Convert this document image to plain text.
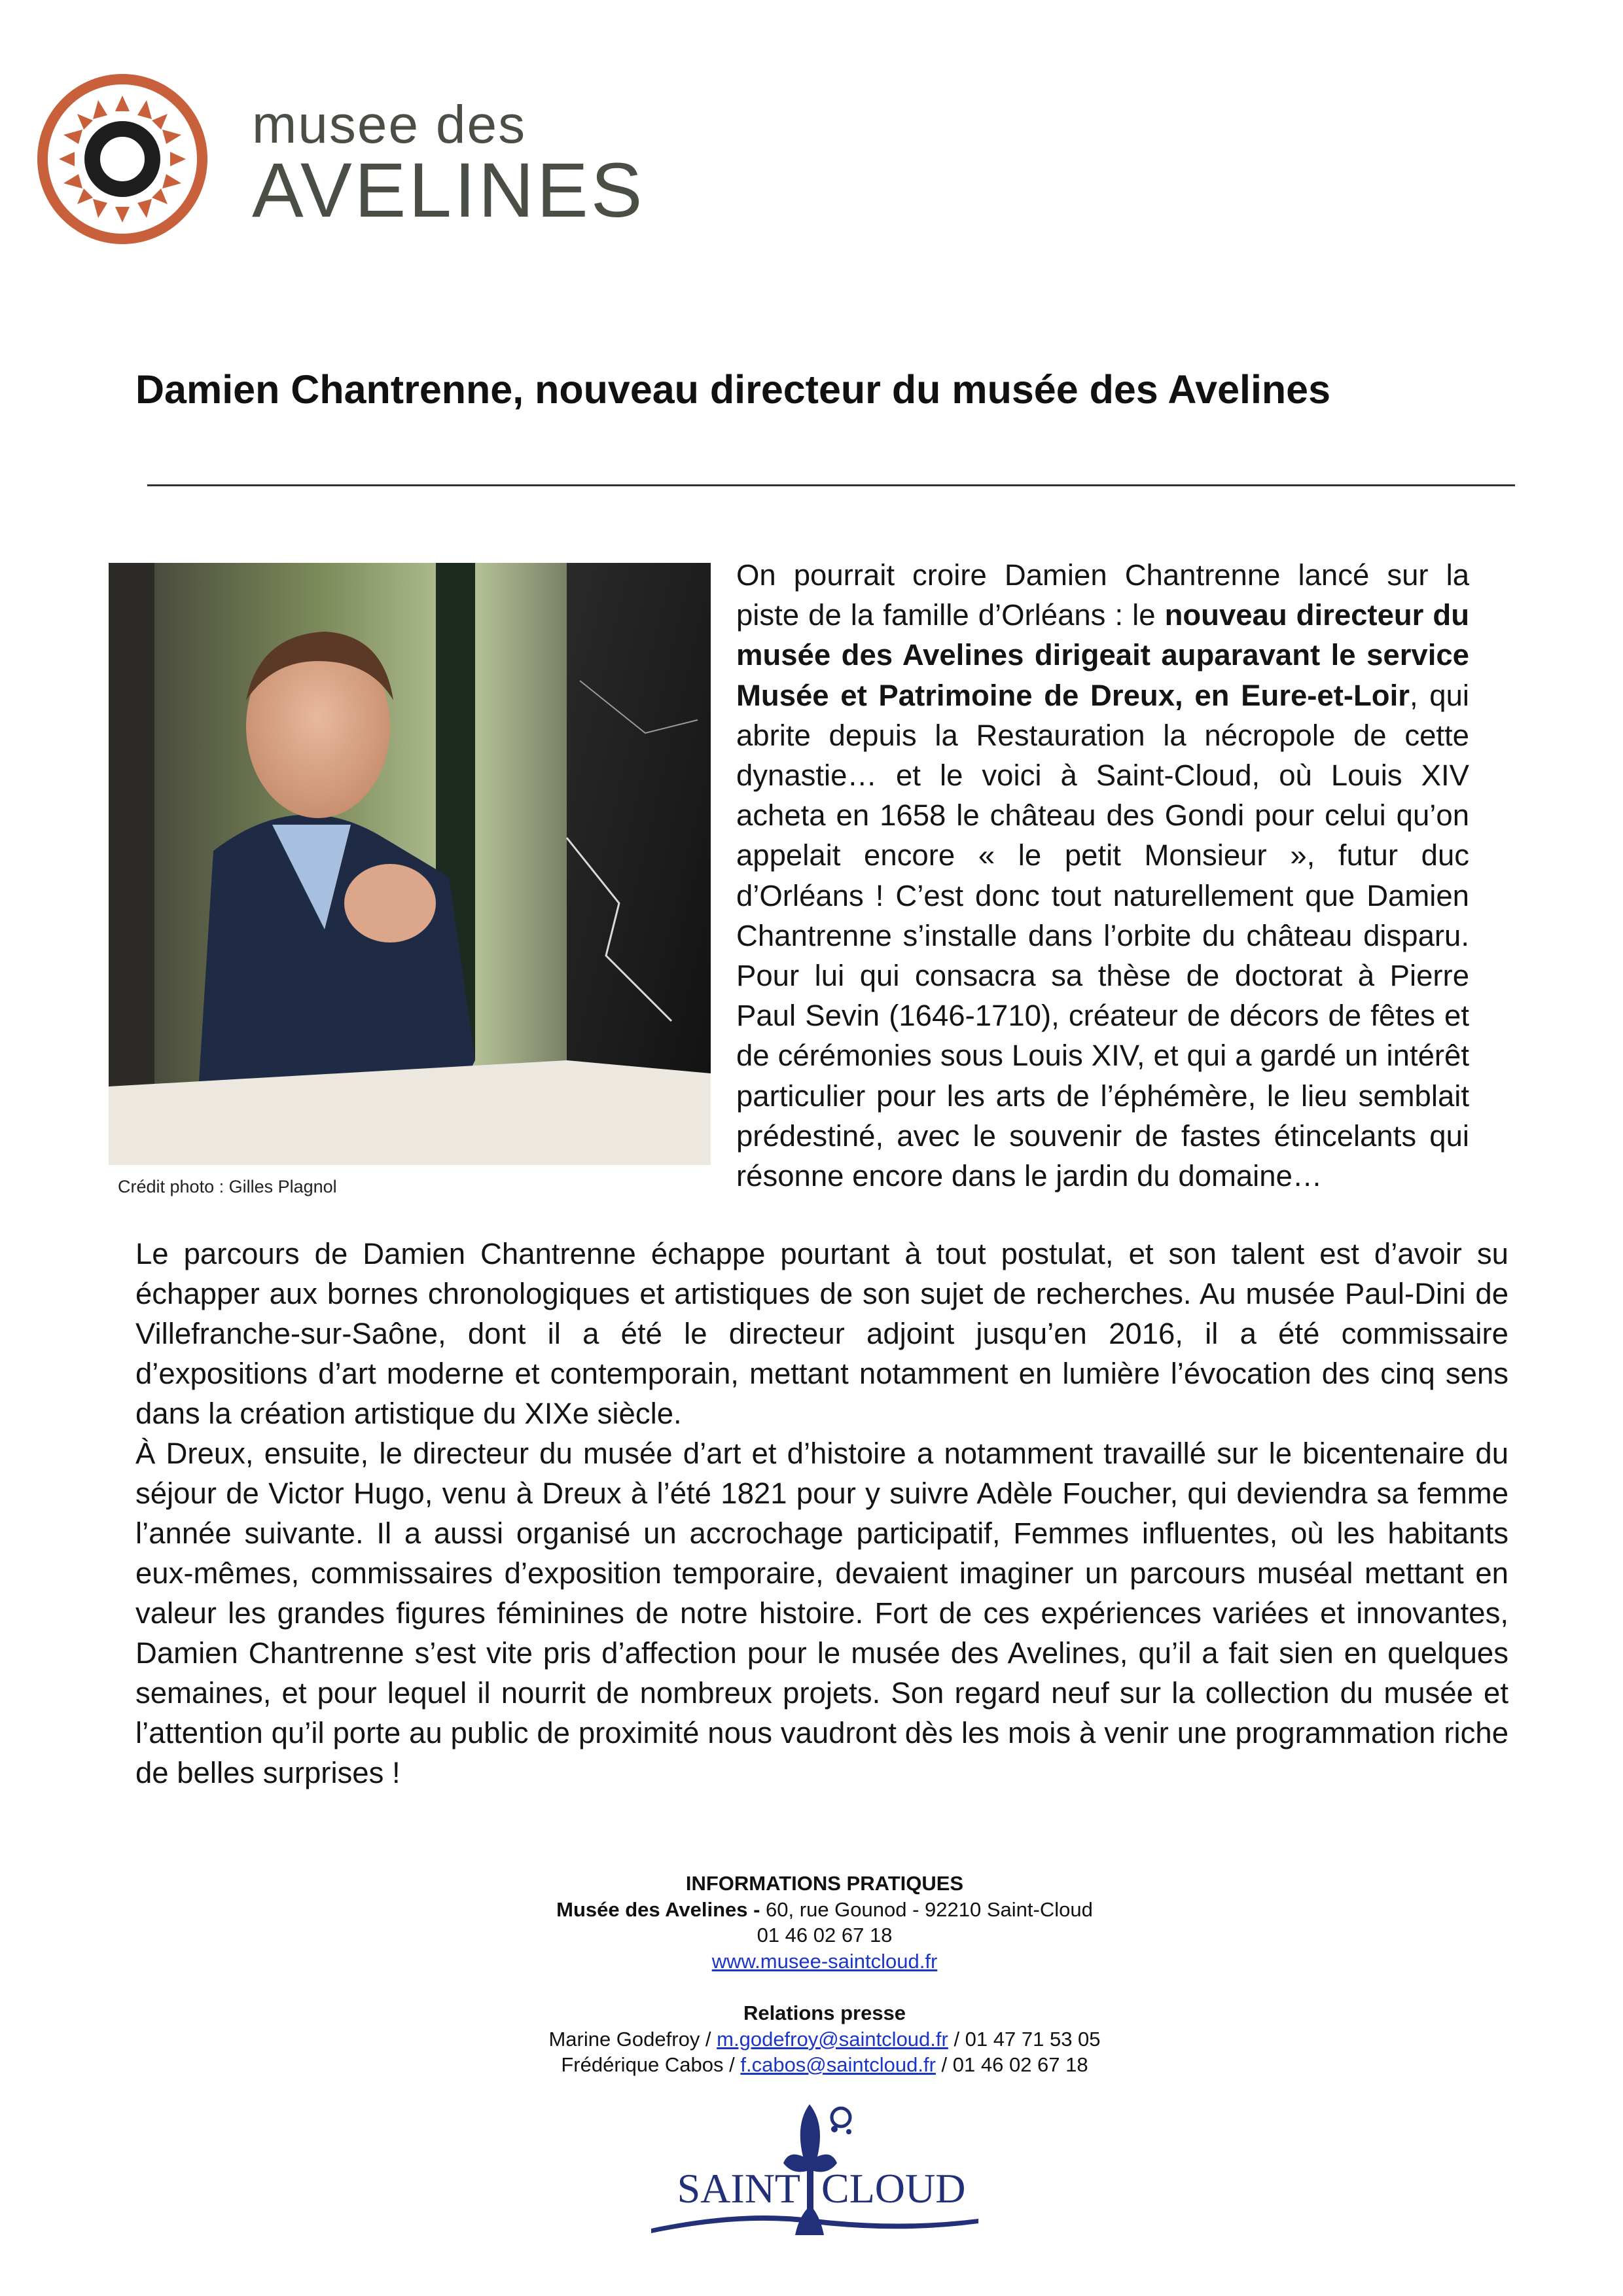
musee des
AVELINES
Damien Chantrenne, nouveau directeur du musée des Avelines
Crédit photo : Gilles Plagnol
On pourrait croire Damien Chantrenne lancé sur la piste de la famille d’Orléans : le nouveau directeur du musée des Avelines dirigeait auparavant le service Musée et Patrimoine de Dreux, en Eure-et-Loir, qui abrite depuis la Restauration la nécropole de cette dynastie… et le voici à Saint-Cloud, où Louis XIV acheta en 1658 le château des Gondi pour celui qu’on appelait encore « le petit Monsieur », futur duc d’Orléans ! C’est donc tout naturellement que Damien Chantrenne s’installe dans l’orbite du château disparu. Pour lui qui consacra sa thèse de doctorat à Pierre Paul Sevin (1646-1710), créateur de décors de fêtes et de cérémonies sous Louis XIV, et qui a gardé un intérêt particulier pour les arts de l’éphémère, le lieu semblait prédestiné, avec le souvenir de fastes étincelants qui résonne encore dans le jardin du domaine…

Le parcours de Damien Chantrenne échappe pourtant à tout postulat, et son talent est d’avoir su échapper aux bornes chronologiques et artistiques de son sujet de recherches. Au musée Paul-Dini de Villefranche-sur-Saône, dont il a été le directeur adjoint jusqu’en 2016, il a été commissaire d’expositions d’art moderne et contemporain, mettant notamment en lumière l’évocation des cinq sens dans la création artistique du XIXe siècle.

À Dreux, ensuite, le directeur du musée d’art et d’histoire a notamment travaillé sur le bicentenaire du séjour de Victor Hugo, venu à Dreux à l’été 1821 pour y suivre Adèle Foucher, qui deviendra sa femme l’année suivante. Il a aussi organisé un accrochage participatif, Femmes influentes, où les habitants eux-mêmes, commissaires d’exposition temporaire, devaient imaginer un parcours muséal mettant en valeur les grandes figures féminines de notre histoire. Fort de ces expériences variées et innovantes, Damien Chantrenne s’est vite pris d’affection pour le musée des Avelines, qu’il a fait sien en quelques semaines, et pour lequel il nourrit de nombreux projets. Son regard neuf sur la collection du musée et l’attention qu’il porte au public de proximité nous vaudront dès les mois à venir une programmation riche de belles surprises !

INFORMATIONS PRATIQUES
Musée des Avelines - 60, rue Gounod - 92210 Saint-Cloud
01 46 02 67 18
www.musee-saintcloud.fr
Relations presse
Marine Godefroy / m.godefroy@saintcloud.fr / 01 47 71 53 05
Frédérique Cabos / f.cabos@saintcloud.fr / 01 46 02 67 18
SAINT CLOUD
